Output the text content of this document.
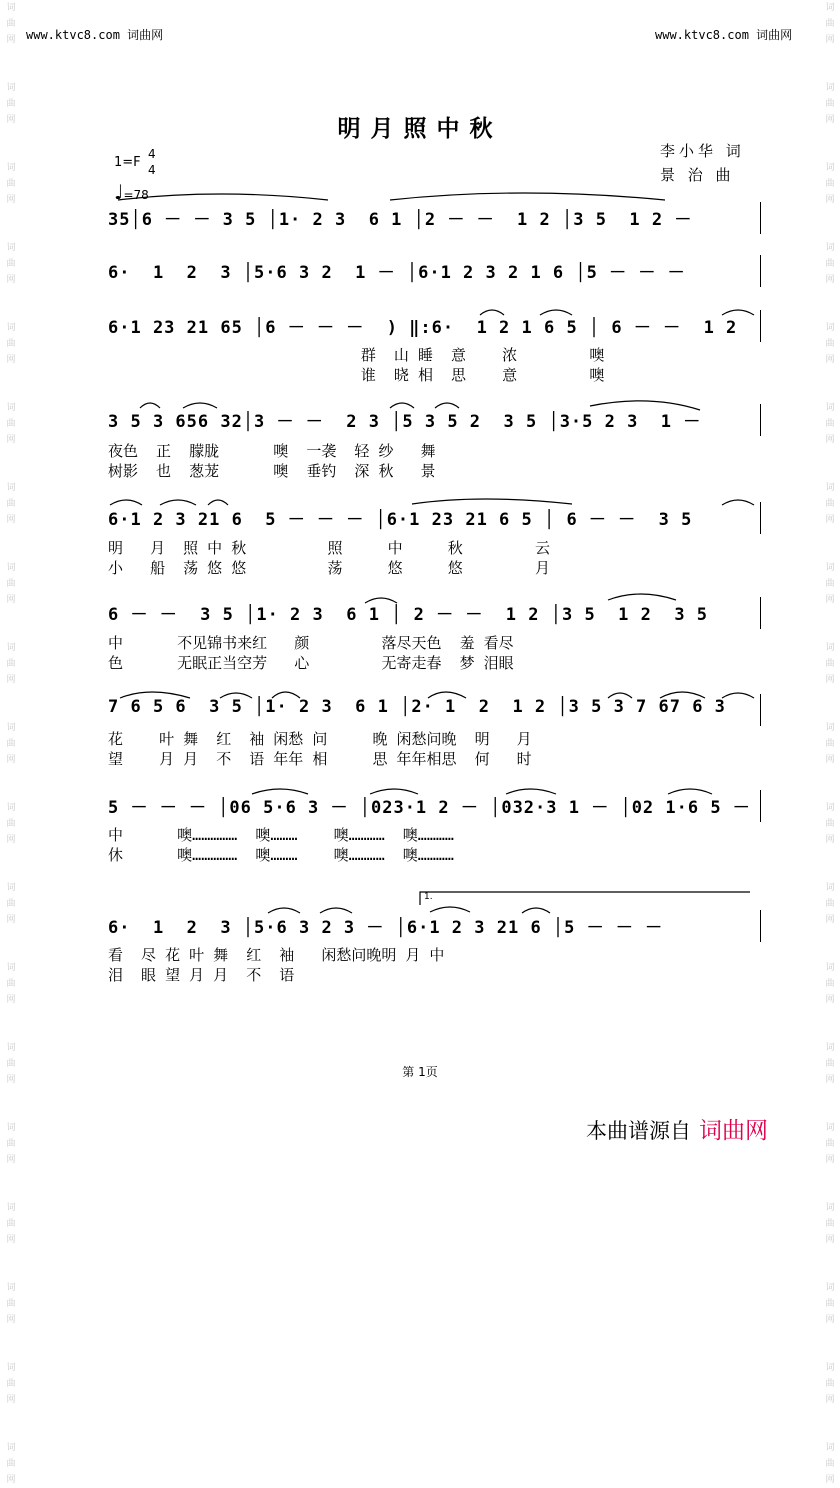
词
曲
网

词
曲
网

词
曲
网

词
曲
网

词
曲
网

词
曲
网

词
曲
网

词
曲
网

词
曲
网

词
曲
网

词
曲
网

词
曲
网

词
曲
网

词
曲
网

词
曲
网

词
曲
网

词
曲
网

词
曲
网

词
曲
网
词
曲
网

词
曲
网

词
曲
网

词
曲
网

词
曲
网

词
曲
网

词
曲
网

词
曲
网

词
曲
网

词
曲
网

词
曲
网

词
曲
网

词
曲
网

词
曲
网

词
曲
网

词
曲
网

词
曲
网

词
曲
网

词
曲
网
www.ktvc8.com 词曲网	www.ktvc8.com 词曲网
明月照中秋
李小华 词
景 治 曲
1=F
4
4
♩=78
35│6 － － 3 5 │1· 2 3  6 1 │2 － －  1 2 │3 5  1 2 －
6·  1  2  3 │5·6 3 2  1 － │6·1 2 3 2 1 6 │5 － － －
6·1 23 21 65 │6 － － －  ) ‖:6·  1 2 1 6 5 │ 6 － －  1 2
群  山 睡  意    浓        噢
谁  晓 相  思    意        噢
3 5 3 656 32│3 － －  2 3 │5 3 5 2  3 5 │3·5 2 3  1 －
夜色  正  朦胧      噢  一袭  轻 纱   舞
树影  也  葱茏      噢  垂钓  深 秋   景
6·1 2 3 21 6  5 － － － │6·1 23 21 6 5 │ 6 － －  3 5
明   月  照 中 秋         照     中     秋        云
小   船  荡 悠 悠         荡     悠     悠        月
6 － －  3 5 │1· 2 3  6 1 │ 2 － －  1 2 │3 5  1 2  3 5
中      不见锦书来红   颜        落尽天色  羞 看尽
色      无眠正当空芳   心        无寄走春  梦 泪眼
7 6 5 6  3 5 │1· 2 3  6 1 │2· 1  2  1 2 │3 5 3 7 67 6 3
花    叶 舞  红  袖 闲愁 问     晚 闲愁问晚  明   月
望    月 月  不  语 年年 相     思 年年相思  何   时
5 － － － │06 5·6 3 － │023·1 2 － │032·3 1 － │02 1·6 5 －
中      噢……………  噢………    噢…………  噢…………
休      噢……………  噢………    噢…………  噢…………
6·  1  2  3 │5·6 3 2 3 － │6·1 2 3 21 6 │5 － － －
看  尽 花 叶 舞  红  袖   闲愁问晚明 月 中
泪  眼 望 月 月  不  语
1.
第 1页
本曲谱源自 词曲网
